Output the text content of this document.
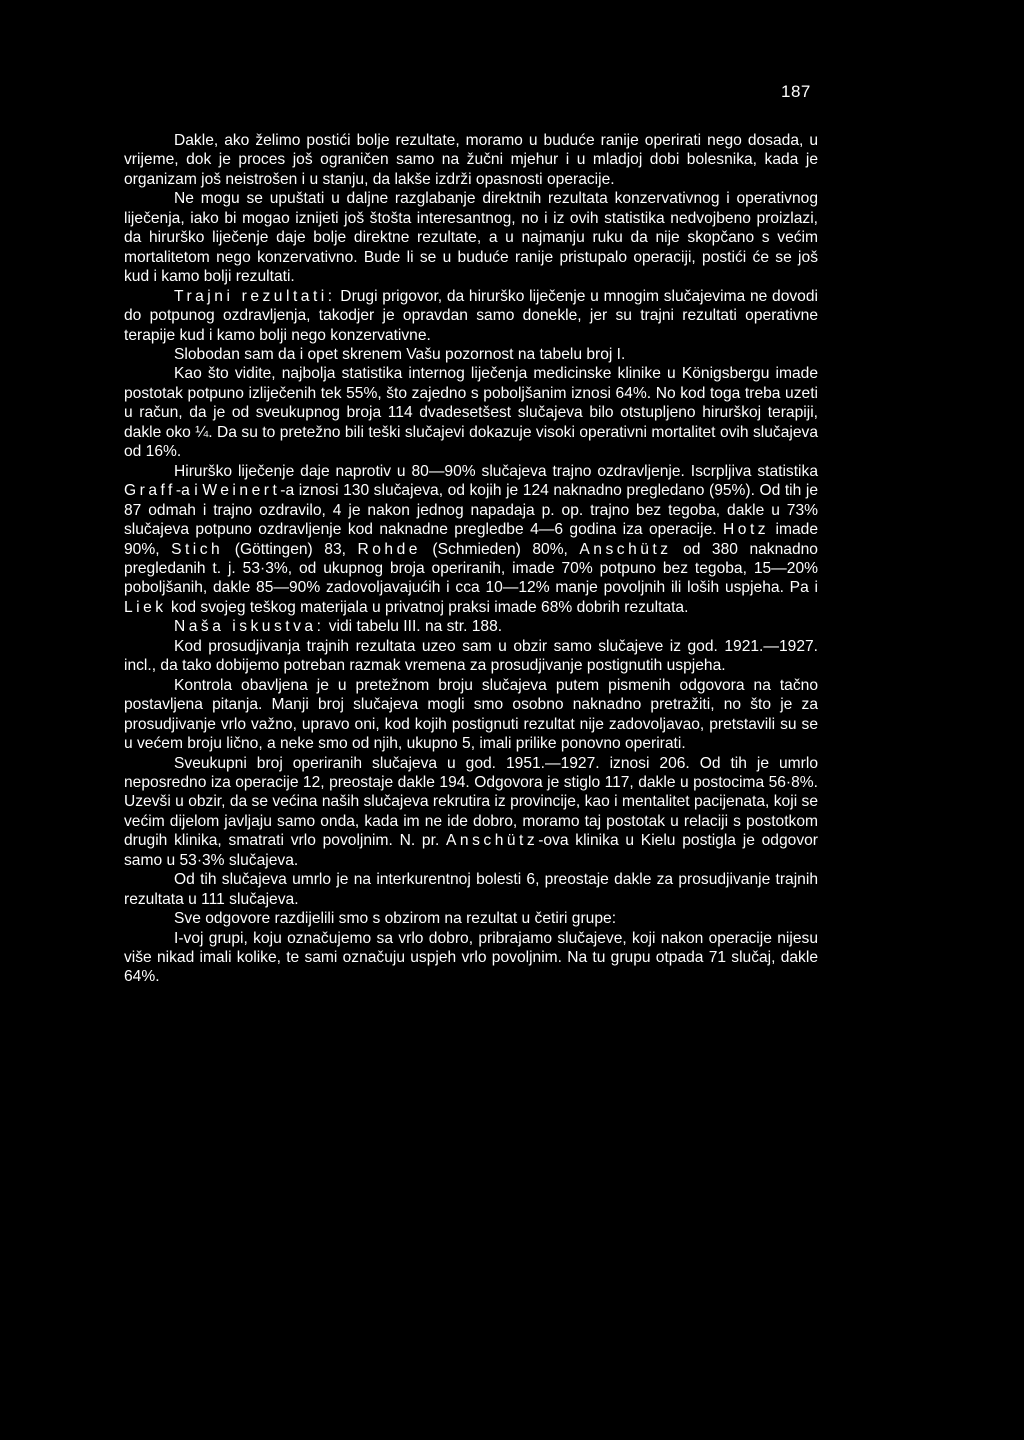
187

Dakle, ako želimo postići bolje rezultate, moramo u buduće ranije operirati nego dosada, u vrijeme, dok je proces još ograničen samo na žučni mjehur i u mladjoj dobi bolesnika, kada je organizam još neistrošen i u stanju, da lakše izdrži opasnosti operacije.

Ne mogu se upuštati u daljne razglabanje direktnih rezultata konzervativnog i operativnog liječenja, iako bi mogao iznijeti još štošta interesantnog, no i iz ovih statistika nedvojbeno proizlazi, da hirurško liječenje daje bolje direktne rezultate, a u najmanju ruku da nije skopčano s većim mortalitetom nego konzervativno. Bude li se u buduće ranije pristupalo operaciji, postići će se još kud i kamo bolji rezultati.

Trajni rezultati: Drugi prigovor, da hirurško liječenje u mnogim slučajevima ne dovodi do potpunog ozdravljenja, takodjer je opravdan samo donekle, jer su trajni rezultati operativne terapije kud i kamo bolji nego konzervativne.

Slobodan sam da i opet skrenem Vašu pozornost na tabelu broj I.

Kao što vidite, najbolja statistika internog liječenja medicinske klinike u Königsbergu imade postotak potpuno izliječenih tek 55%, što zajedno s poboljšanim iznosi 64%. No kod toga treba uzeti u račun, da je od sveukupnog broja 114 dvadesetšest slučajeva bilo otstupljeno hirurškoj terapiji, dakle oko ¼. Da su to pretežno bili teški slučajevi dokazuje visoki operativni mortalitet ovih slučajeva od 16%.

Hirurško liječenje daje naprotiv u 80—90% slučajeva trajno ozdravljenje. Iscrpljiva statistika Graff-a i Weinert-a iznosi 130 slučajeva, od kojih je 124 naknadno pregledano (95%). Od tih je 87 odmah i trajno ozdravilo, 4 je nakon jednog napadaja p. op. trajno bez tegoba, dakle u 73% slučajeva potpuno ozdravljenje kod naknadne pregledbe 4—6 godina iza operacije. Hotz imade 90%, Stich (Göttingen) 83, Rohde (Schmieden) 80%, Anschütz od 380 naknadno pregledanih t. j. 53·3%, od ukupnog broja operiranih, imade 70% potpuno bez tegoba, 15—20% poboljšanih, dakle 85—90% zadovoljavajućih i cca 10—12% manje povoljnih ili loših uspjeha. Pa i Liek kod svojeg teškog materijala u privatnoj praksi imade 68% dobrih rezultata.

Naša iskustva: vidi tabelu III. na str. 188.

Kod prosudjivanja trajnih rezultata uzeo sam u obzir samo slučajeve iz god. 1921.—1927. incl., da tako dobijemo potreban razmak vremena za prosudjivanje postignutih uspjeha.

Kontrola obavljena je u pretežnom broju slučajeva putem pismenih odgovora na tačno postavljena pitanja. Manji broj slučajeva mogli smo osobno naknadno pretražiti, no što je za prosudjivanje vrlo važno, upravo oni, kod kojih postignuti rezultat nije zadovoljavao, pretstavili su se u većem broju lično, a neke smo od njih, ukupno 5, imali prilike ponovno operirati.

Sveukupni broj operiranih slučajeva u god. 1951.—1927. iznosi 206. Od tih je umrlo neposredno iza operacije 12, preostaje dakle 194. Odgovora je stiglo 117, dakle u postocima 56·8%. Uzevši u obzir, da se većina naših slučajeva rekrutira iz provincije, kao i mentalitet pacijenata, koji se većim dijelom javljaju samo onda, kada im ne ide dobro, moramo taj postotak u relaciji s postotkom drugih klinika, smatrati vrlo povoljnim. N. pr. Anschütz-ova klinika u Kielu postigla je odgovor samo u 53·3% slučajeva.

Od tih slučajeva umrlo je na interkurentnoj bolesti 6, preostaje dakle za prosudjivanje trajnih rezultata u 111 slučajeva.

Sve odgovore razdijelili smo s obzirom na rezultat u četiri grupe:

I-voj grupi, koju označujemo sa vrlo dobro, pribrajamo slučajeve, koji nakon operacije nijesu više nikad imali kolike, te sami označuju uspjeh vrlo povoljnim. Na tu grupu otpada 71 slučaj, dakle 64%.
